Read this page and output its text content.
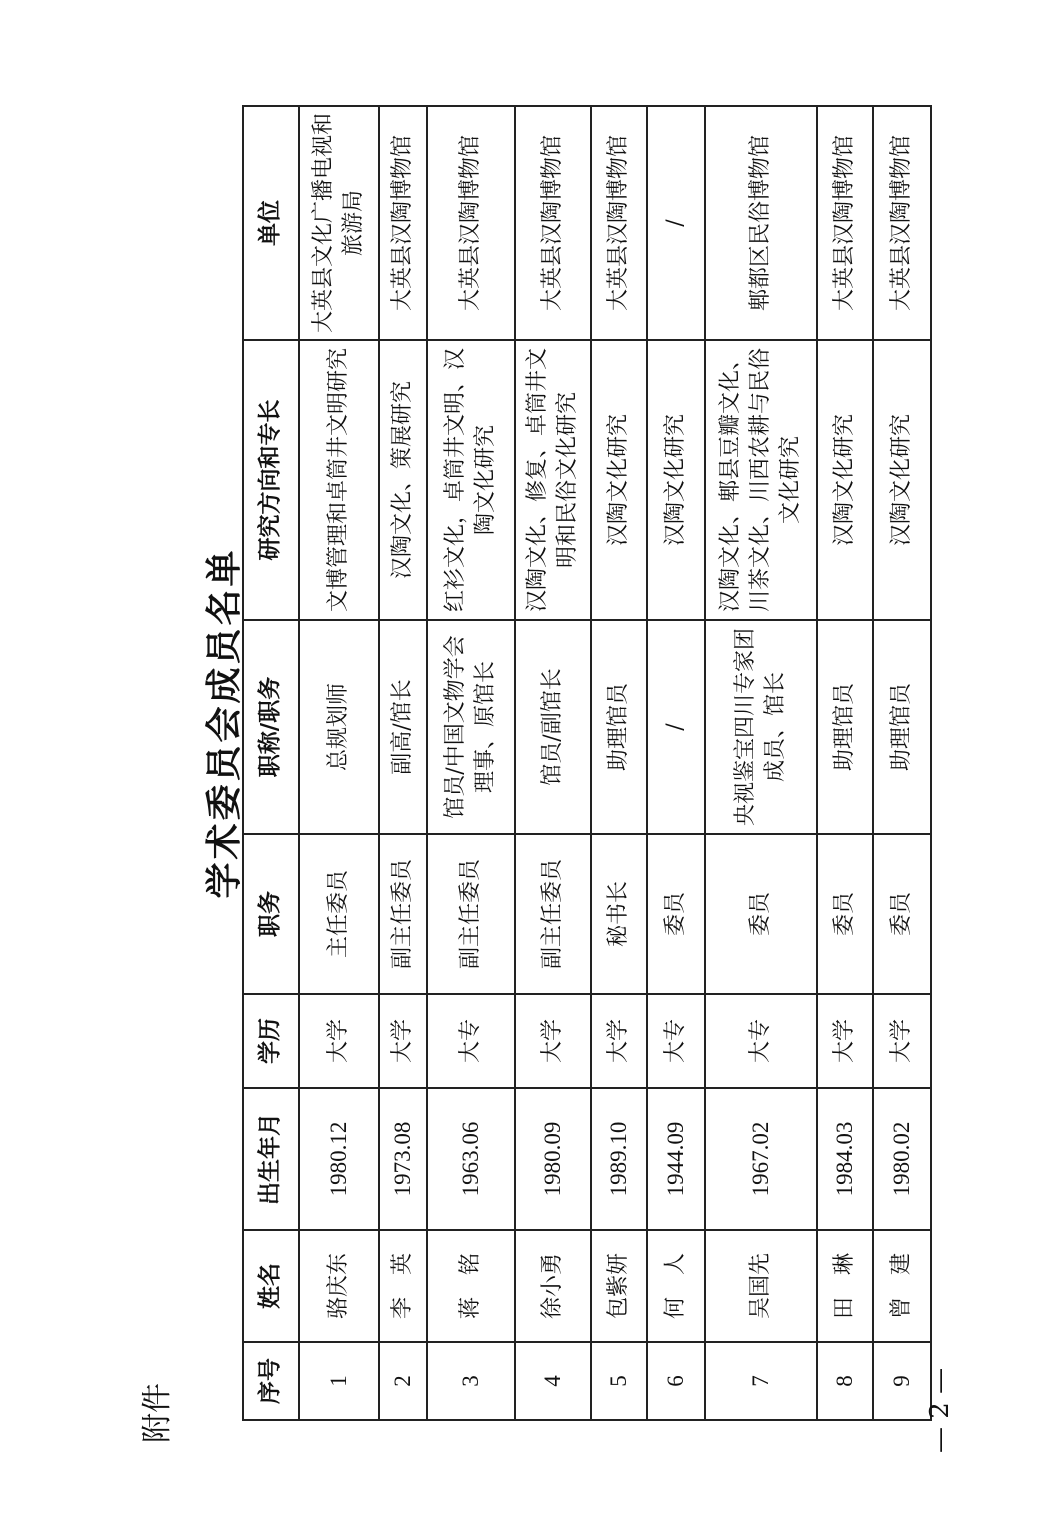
附件
学术委员会成员名单
序号	姓名	出生年月	学历	职务	职称/职务	研究方向和专长	单位
1	骆庆东	1980.12	大学	主任委员	总规划师	文博管理和卓筒井文明研究	大英县文化广播电视和旅游局
2	李　英	1973.08	大学	副主任委员	副高/馆长	汉陶文化、策展研究	大英县汉陶博物馆
3	蒋　铭	1963.06	大专	副主任委员	馆员/中国文物学会理事、原馆长	红衫文化，卓筒井文明、汉陶文化研究	大英县汉陶博物馆
4	徐小勇	1980.09	大学	副主任委员	馆员/副馆长	汉陶文化、修复、卓筒井文明和民俗文化研究	大英县汉陶博物馆
5	包紫妍	1989.10	大学	秘书长	助理馆员	汉陶文化研究	大英县汉陶博物馆
6	何　人	1944.09	大专	委员	/	汉陶文化研究	/
7	吴国先	1967.02	大专	委员	央视鉴宝四川专家团成员、馆长	汉陶文化、郫县豆瓣文化、川茶文化、川西农耕与民俗文化研究	郫都区民俗博物馆
8	田　琳	1984.03	大学	委员	助理馆员	汉陶文化研究	大英县汉陶博物馆
9	曾　建	1980.02	大学	委员	助理馆员	汉陶文化研究	大英县汉陶博物馆
— 2 —
